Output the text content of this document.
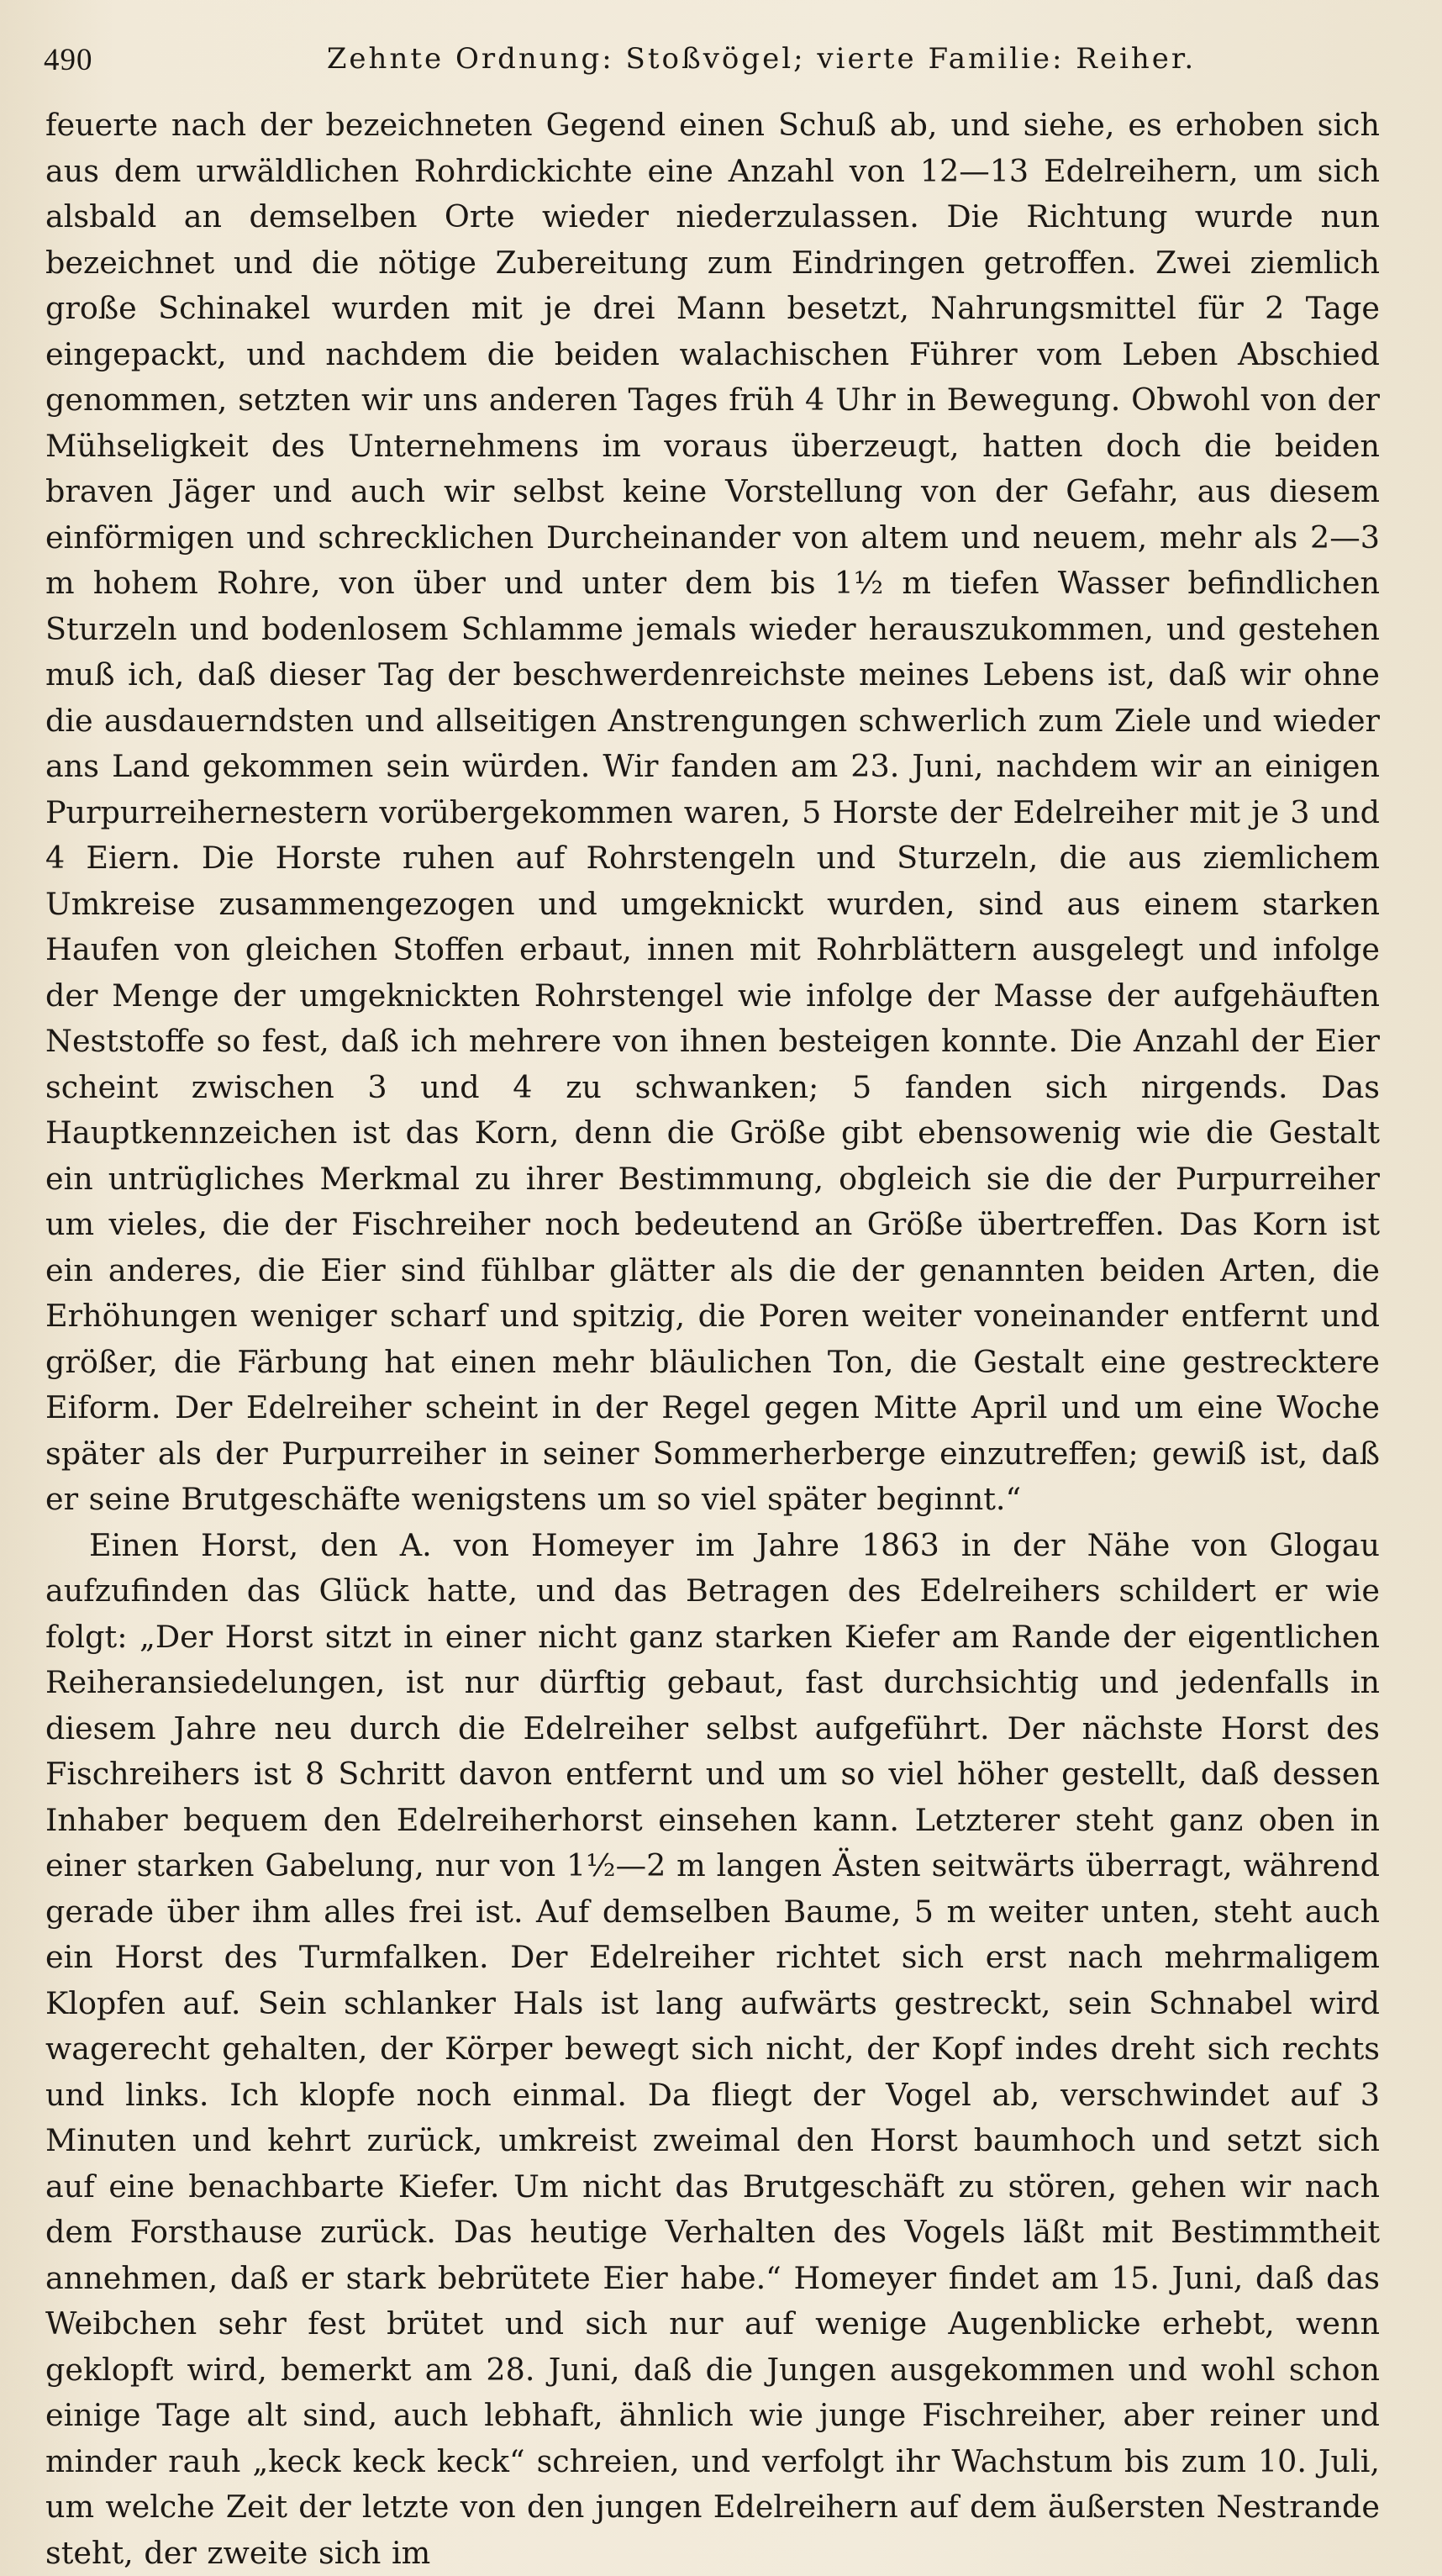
490	Zehnte Ordnung: Stoßvögel; vierte Familie: Reiher.

feuerte nach der bezeichneten Gegend einen Schuß ab, und siehe, es erhoben sich aus dem urwäldlichen Rohrdickichte eine Anzahl von 12—13 Edelreihern, um sich alsbald an demselben Orte wieder niederzulassen. Die Richtung wurde nun bezeichnet und die nötige Zubereitung zum Eindringen getroffen. Zwei ziemlich große Schinakel wurden mit je drei Mann besetzt, Nahrungsmittel für 2 Tage eingepackt, und nachdem die beiden walachischen Führer vom Leben Abschied genommen, setzten wir uns anderen Tages früh 4 Uhr in Bewegung. Obwohl von der Mühseligkeit des Unternehmens im voraus überzeugt, hatten doch die beiden braven Jäger und auch wir selbst keine Vorstellung von der Gefahr, aus diesem einförmigen und schrecklichen Durcheinander von altem und neuem, mehr als 2—3 m hohem Rohre, von über und unter dem bis 1½ m tiefen Wasser befindlichen Sturzeln und bodenlosem Schlamme jemals wieder herauszukommen, und gestehen muß ich, daß dieser Tag der beschwerdenreichste meines Lebens ist, daß wir ohne die ausdauerndsten und allseitigen Anstrengungen schwerlich zum Ziele und wieder ans Land gekommen sein würden. Wir fanden am 23. Juni, nachdem wir an einigen Purpurreihernestern vorübergekommen waren, 5 Horste der Edelreiher mit je 3 und 4 Eiern. Die Horste ruhen auf Rohrstengeln und Sturzeln, die aus ziemlichem Umkreise zusammengezogen und umgeknickt wurden, sind aus einem starken Haufen von gleichen Stoffen erbaut, innen mit Rohrblättern ausgelegt und infolge der Menge der umgeknickten Rohrstengel wie infolge der Masse der aufgehäuften Neststoffe so fest, daß ich mehrere von ihnen besteigen konnte. Die Anzahl der Eier scheint zwischen 3 und 4 zu schwanken; 5 fanden sich nirgends. Das Hauptkennzeichen ist das Korn, denn die Größe gibt ebensowenig wie die Gestalt ein untrügliches Merkmal zu ihrer Bestimmung, obgleich sie die der Purpurreiher um vieles, die der Fischreiher noch bedeutend an Größe übertreffen. Das Korn ist ein anderes, die Eier sind fühlbar glätter als die der genannten beiden Arten, die Erhöhungen weniger scharf und spitzig, die Poren weiter voneinander entfernt und größer, die Färbung hat einen mehr bläulichen Ton, die Gestalt eine gestrecktere Eiform. Der Edelreiher scheint in der Regel gegen Mitte April und um eine Woche später als der Purpurreiher in seiner Sommerherberge einzutreffen; gewiß ist, daß er seine Brutgeschäfte wenigstens um so viel später beginnt.“

Einen Horst, den A. von Homeyer im Jahre 1863 in der Nähe von Glogau aufzufinden das Glück hatte, und das Betragen des Edelreihers schildert er wie folgt: „Der Horst sitzt in einer nicht ganz starken Kiefer am Rande der eigentlichen Reiheransiedelungen, ist nur dürftig gebaut, fast durchsichtig und jedenfalls in diesem Jahre neu durch die Edelreiher selbst aufgeführt. Der nächste Horst des Fischreihers ist 8 Schritt davon entfernt und um so viel höher gestellt, daß dessen Inhaber bequem den Edelreiherhorst einsehen kann. Letzterer steht ganz oben in einer starken Gabelung, nur von 1½—2 m langen Ästen seitwärts überragt, während gerade über ihm alles frei ist. Auf demselben Baume, 5 m weiter unten, steht auch ein Horst des Turmfalken. Der Edelreiher richtet sich erst nach mehrmaligem Klopfen auf. Sein schlanker Hals ist lang aufwärts gestreckt, sein Schnabel wird wagerecht gehalten, der Körper bewegt sich nicht, der Kopf indes dreht sich rechts und links. Ich klopfe noch einmal. Da fliegt der Vogel ab, verschwindet auf 3 Minuten und kehrt zurück, umkreist zweimal den Horst baumhoch und setzt sich auf eine benachbarte Kiefer. Um nicht das Brutgeschäft zu stören, gehen wir nach dem Forsthause zurück. Das heutige Verhalten des Vogels läßt mit Bestimmtheit annehmen, daß er stark bebrütete Eier habe.“ Homeyer findet am 15. Juni, daß das Weibchen sehr fest brütet und sich nur auf wenige Augenblicke erhebt, wenn geklopft wird, bemerkt am 28. Juni, daß die Jungen ausgekommen und wohl schon einige Tage alt sind, auch lebhaft, ähnlich wie junge Fischreiher, aber reiner und minder rauh „keck keck keck“ schreien, und verfolgt ihr Wachstum bis zum 10. Juli, um welche Zeit der letzte von den jungen Edelreihern auf dem äußersten Nestrande steht, der zweite sich im
